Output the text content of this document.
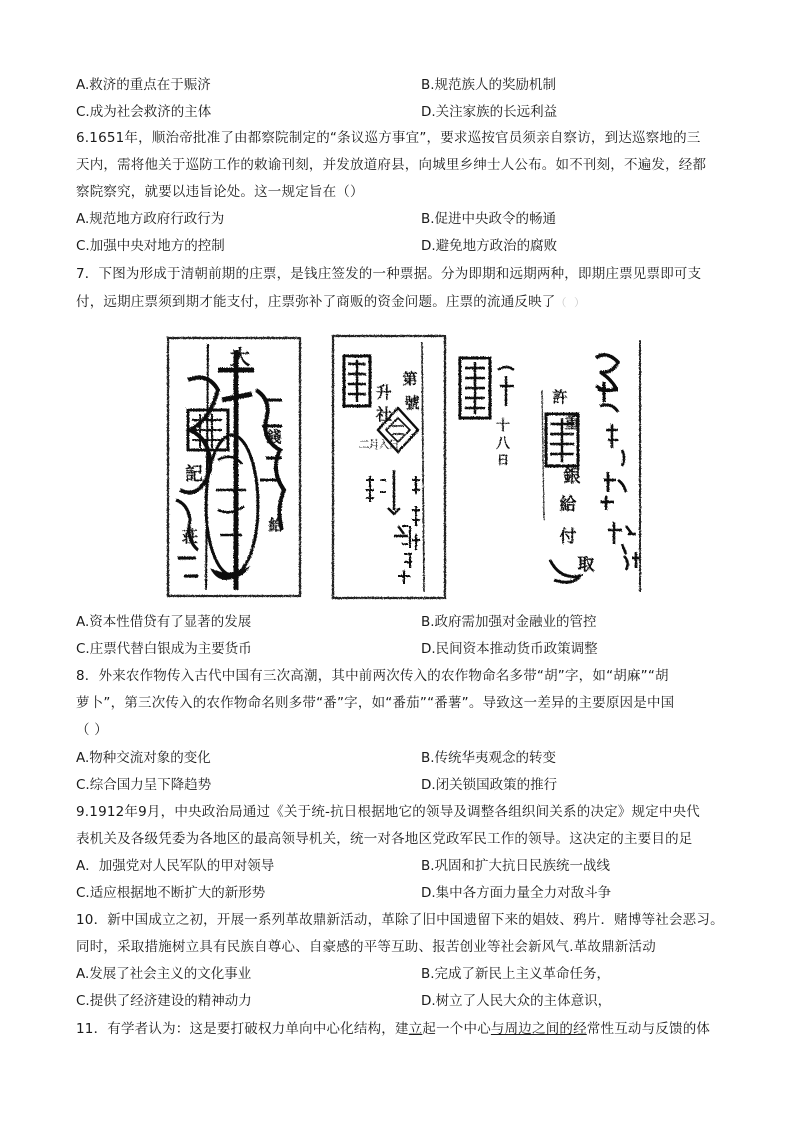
A.救济的重点在于赈济	B.规范族人的奖励机制
C.成为社会救济的主体	D.关注家族的长远利益
6.1651年，顺治帝批准了由都察院制定的“条议巡方事宜”，要求巡按官员须亲自察访，到达巡察地的三
天内，需将他关于巡防工作的敕谕刊刻，并发放道府县，向城里乡绅士人公布。如不刊刻，不遍发，经都
察院察究，就要以违旨论处。这一规定旨在（）
A.规范地方政府行政行为	B.促进中央政令的畅通
C.加强中央对地方的控制	D.避免地方政治的腐败
7．下图为形成于清朝前期的庄票，是钱庄签发的一种票据。分为即期和远期两种，即期庄票见票即可支
付，远期庄票须到期才能支付，庄票弥补了商贩的资金问题。庄票的流通反映了（ ）
大
記
錢
荘
給
第
號
升
社
二 月 入 日
十
八
日
許
重
銀
給
付
取
A.资本性借贷有了显著的发展	B.政府需加强对金融业的管控
C.庄票代替白银成为主要货币	D.民间资本推动货币政策调整
8．外来农作物传入古代中国有三次高潮，其中前两次传入的农作物命名多带“胡”字，如“胡麻”“胡
萝卜”，第三次传入的农作物命名则多带“番”字，如“番茄”“番薯”。导致这一差异的主要原因是中国
（ ）
A.物种交流对象的变化	B.传统华夷观念的转变
C.综合国力呈下降趋势	D.闭关锁国政策的推行
9.1912年9月，中央政治局通过《关于统-抗日根据地它的领导及调整各组织间关系的决定》规定中央代
表机关及各级凭委为各地区的最高领导机关，统一对各地区党政军民工作的领导。这决定的主要目的足
A．加强党对人民军队的甲对领导	B.巩固和扩大抗日民族统一战线
C.适应根据地不断扩大的新形势	D.集中各方面力量全力对敌斗争
10．新中国成立之初，开展一系列革故鼎新活动，革除了旧中国遗留下来的娼妓、鸦片．赌博等社会恶习。
同时，采取措施树立具有民族自尊心、自豪感的平等互助、报苦创业等社会新风气.革故鼎新活动
A.发展了社会主义的文化事业	B.完成了新民上主义革命任务，
C.提供了经济建设的精神动力	D.树立了人民大众的主体意识，
11．有学者认为：这是要打破权力单向中心化结构，建立起一个中心与周边之间的经常性互动与反馈的体
